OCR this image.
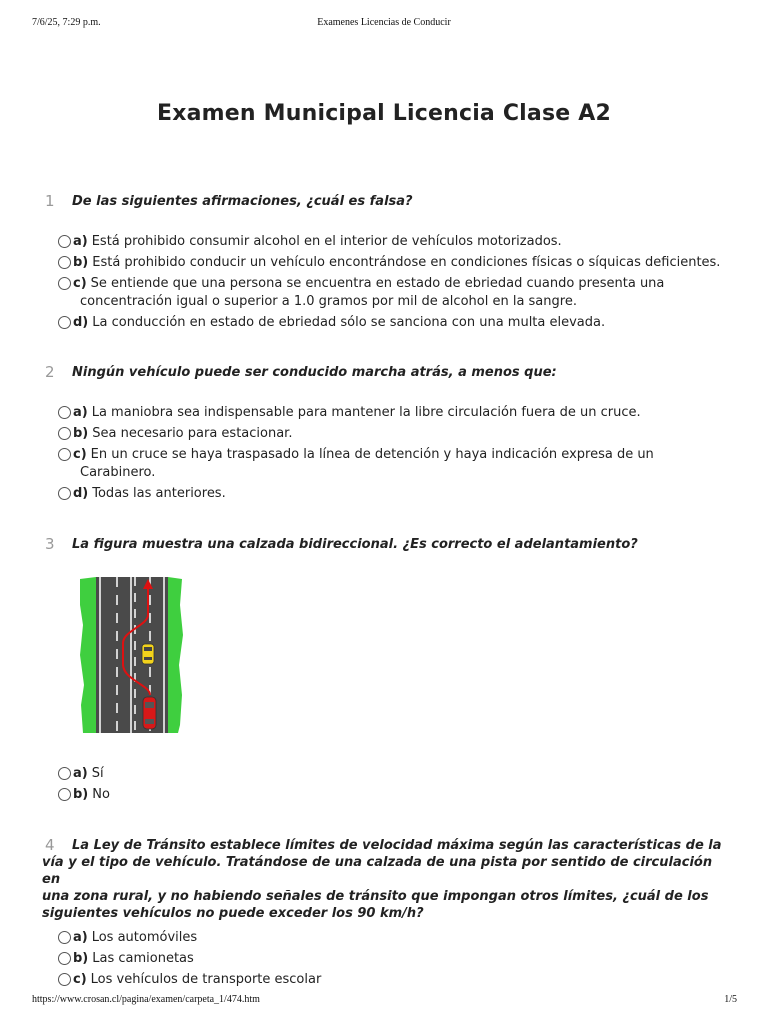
7/6/25, 7:29 p.m.	Examenes Licencias de Conducir
Examen Municipal Licencia Clase A2
1	De las siguientes afirmaciones, ¿cuál es falsa?
a) Está prohibido consumir alcohol en el interior de vehículos motorizados.
b) Está prohibido conducir un vehículo encontrándose en condiciones físicas o síquicas deficientes.
c) Se entiende que una persona se encuentra en estado de ebriedad cuando presenta una
concentración igual o superior a 1.0 gramos por mil de alcohol en la sangre.
d) La conducción en estado de ebriedad sólo se sanciona con una multa elevada.
2	Ningún vehículo puede ser conducido marcha atrás, a menos que:
a) La maniobra sea indispensable para mantener la libre circulación fuera de un cruce.
b) Sea necesario para estacionar.
c) En un cruce se haya traspasado la línea de detención y haya indicación expresa de un
Carabinero.
d) Todas las anteriores.
3	La figura muestra una calzada bidireccional. ¿Es correcto el adelantamiento?
a) Sí
b) No
4	La Ley de Tránsito establece límites de velocidad máxima según las características de la
vía y el tipo de vehículo. Tratándose de una calzada de una pista por sentido de circulación en
una zona rural, y no habiendo señales de tránsito que impongan otros límites, ¿cuál de los
siguientes vehículos no puede exceder los 90 km/h?
a) Los automóviles
b) Las camionetas
c) Los vehículos de transporte escolar
https://www.crosan.cl/pagina/examen/carpeta_1/474.htm	1/5
